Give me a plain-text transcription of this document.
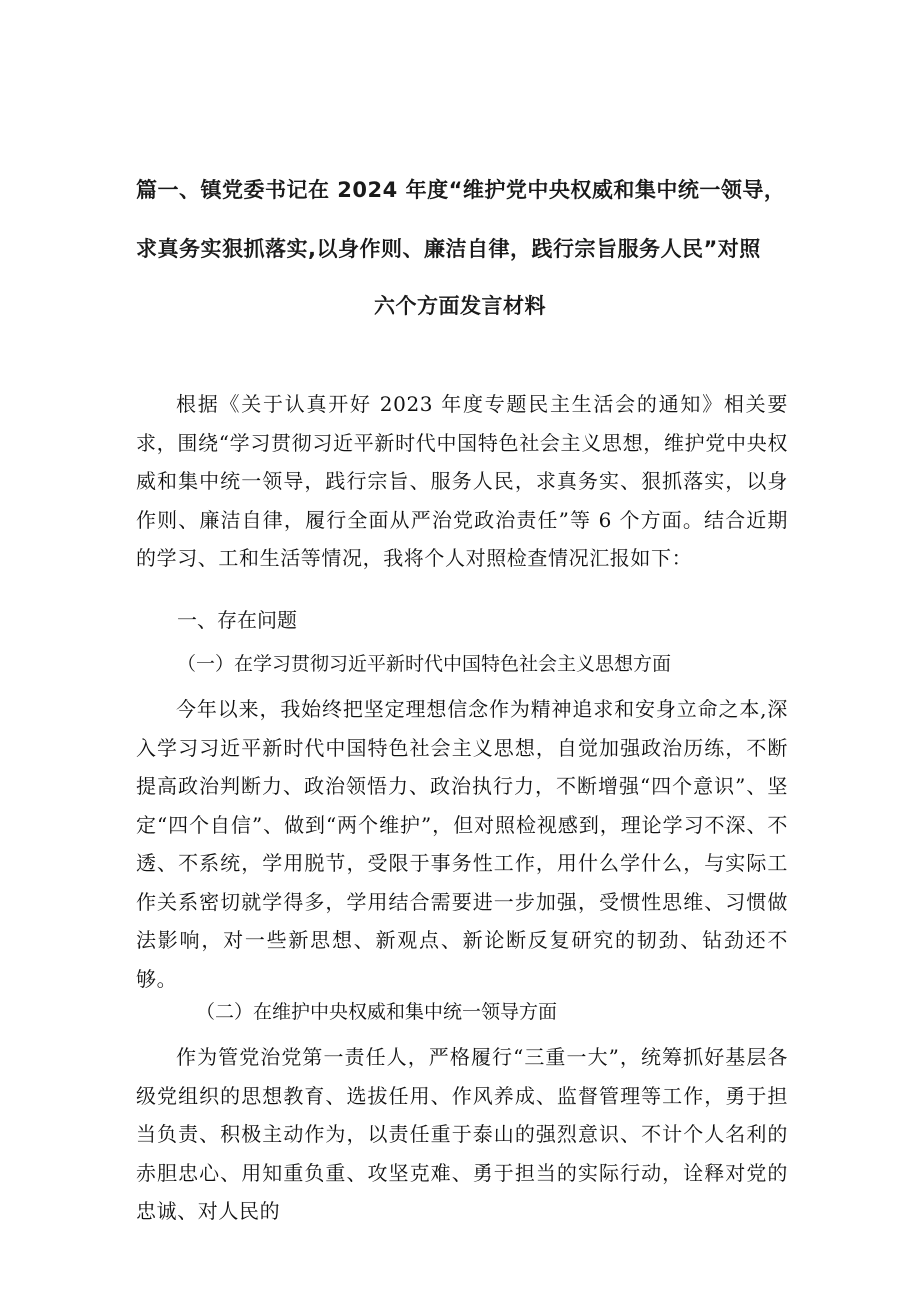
篇一、镇党委书记在 2024 年度“维护党中央权威和集中统一领导，
求真务实狠抓落实,以身作则、廉洁自律，践行宗旨服务人民”对照
六个方面发言材料

根据《关于认真开好 2023 年度专题民主生活会的通知》相关要求，围绕“学习贯彻习近平新时代中国特色社会主义思想，维护党中央权威和集中统一领导，践行宗旨、服务人民，求真务实、狠抓落实，以身作则、廉洁自律，履行全面从严治党政治责任”等 6 个方面。结合近期的学习、工和生活等情况，我将个人对照检查情况汇报如下：

一、存在问题
（一）在学习贯彻习近平新时代中国特色社会主义思想方面

今年以来，我始终把坚定理想信念作为精神追求和安身立命之本,深入学习习近平新时代中国特色社会主义思想，自觉加强政治历练，不断提高政治判断力、政治领悟力、政治执行力，不断增强“四个意识”、坚定“四个自信”、做到“两个维护”，但对照检视感到，理论学习不深、不透、不系统，学用脱节，受限于事务性工作，用什么学什么，与实际工作关系密切就学得多，学用结合需要进一步加强，受惯性思维、习惯做法影响，对一些新思想、新观点、新论断反复研究的韧劲、钻劲还不够。

（二）在维护中央权威和集中统一领导方面

作为管党治党第一责任人，严格履行“三重一大”，统筹抓好基层各级党组织的思想教育、选拔任用、作风养成、监督管理等工作，勇于担当负责、积极主动作为，以责任重于泰山的强烈意识、不计个人名利的赤胆忠心、用知重负重、攻坚克难、勇于担当的实际行动，诠释对党的忠诚、对人民的
